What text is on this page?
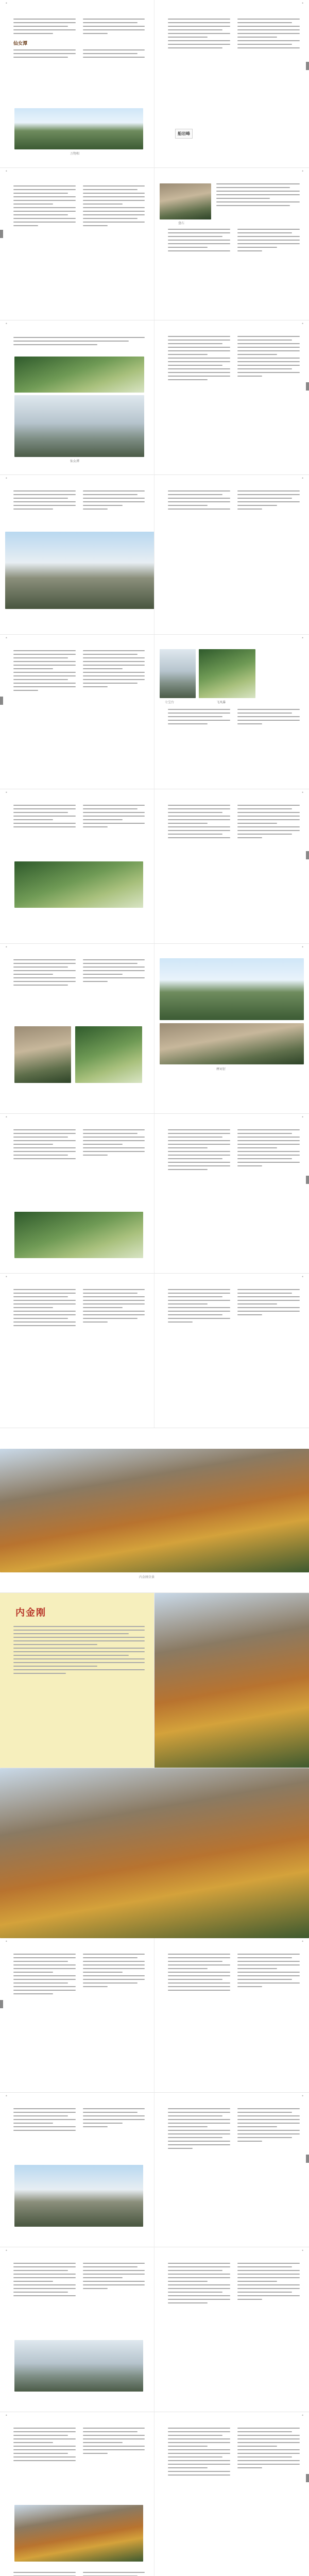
•
仙女潭
万物相
•
船岩峰
•	•
盘石
•
仙女潭
•
•	•
•	•
七宝台	飞凤瀑
•	•
•	•
摩诃衍
•	•
•	•
内金刚全景
内金刚
•	•
•	•
•	•
•	•
